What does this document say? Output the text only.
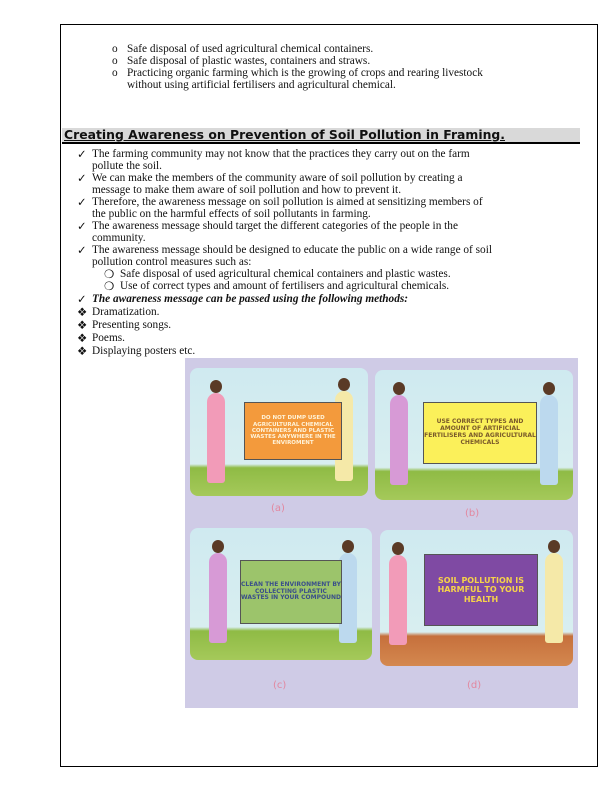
o Safe disposal of used agricultural chemical containers.
o Safe disposal of plastic wastes, containers and straws.
o Practicing organic farming which is the growing of crops and rearing livestock
without using artificial fertilisers and agricultural chemical.
Creating Awareness on Prevention of Soil Pollution in Framing.
✓ The farming community may not know that the practices they carry out on the farm
pollute the soil.
✓ We can make the members of the community aware of soil pollution by creating a
message to make them aware of soil pollution and how to prevent it.
✓ Therefore, the awareness message on soil pollution is aimed at sensitizing members of
the public on the harmful effects of soil pollutants in farming.
✓ The awareness message should target the different categories of the people in the
community.
✓ The awareness message should be designed to educate the public on a wide range of soil
pollution control measures such as:
❍ Safe disposal of used agricultural chemical containers and plastic wastes.
❍ Use of correct types and amount of fertilisers and agricultural chemicals.
✓ The awareness message can be passed using the following methods:
❖ Dramatization.
❖ Presenting songs.
❖ Poems.
❖ Displaying posters etc.
DO NOT DUMP USED AGRICULTURAL CHEMICAL CONTAINERS AND PLASTIC WASTES ANYWHERE IN THE ENVIROMENT
(a)
USE CORRECT TYPES AND AMOUNT OF ARTIFICIAL FERTILISERS AND AGRICULTURAL CHEMICALS
(b)
CLEAN THE ENVIRONMENT BY COLLECTING PLASTIC WASTES IN YOUR COMPOUND
(c)
SOIL POLLUTION IS HARMFUL TO YOUR HEALTH
(d)
